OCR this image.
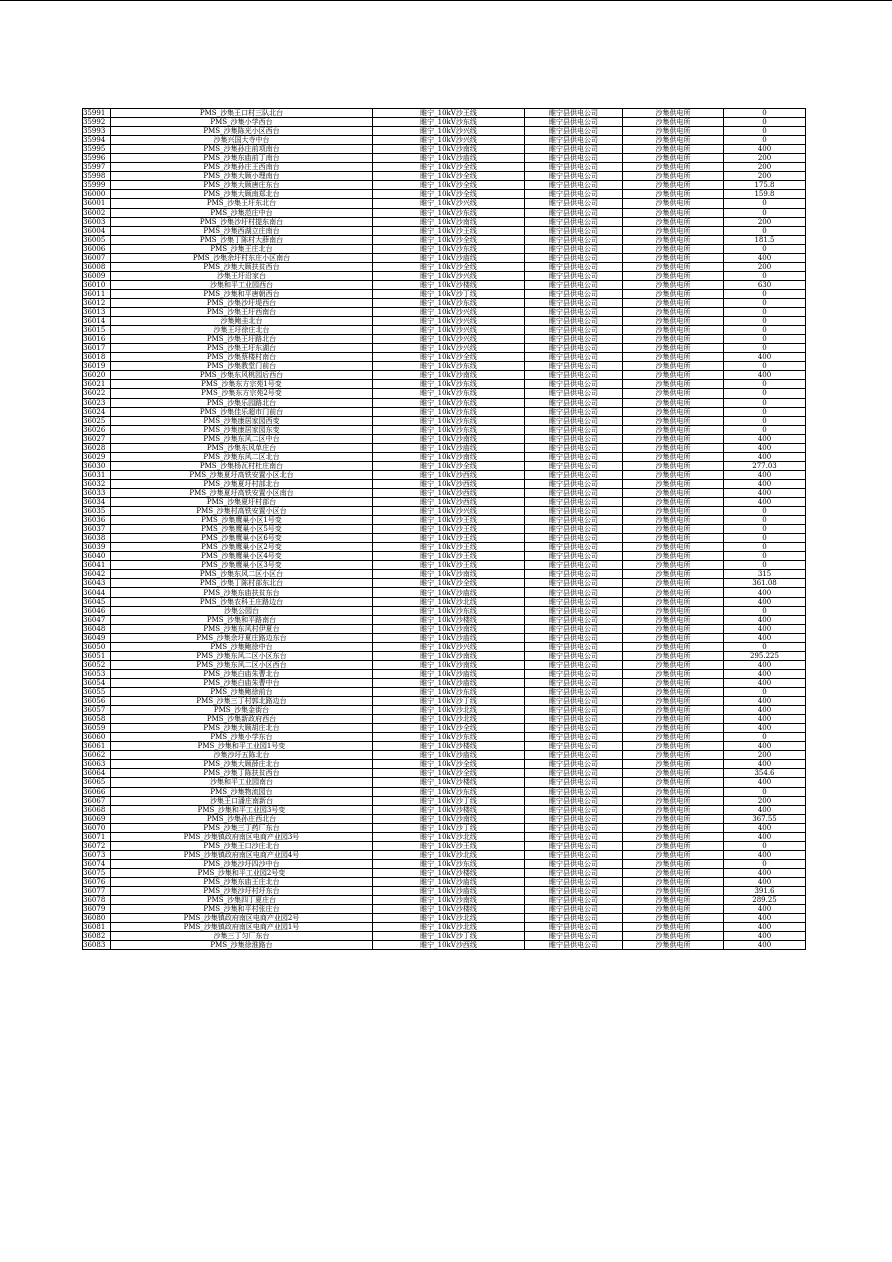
35991	PMS_沙集王口村三队北台	睢宁_10kV沙王线	睢宁县供电公司	沙集供电所	0
35992	PMS_沙集小学西台	睢宁_10kV沙东线	睢宁县供电公司	沙集供电所	0
35993	PMS_沙集陈光小区西台	睢宁_10kV沙兴线	睢宁县供电公司	沙集供电所	0
35994	沙集兴国大寺中台	睢宁_10kV沙兴线	睢宁县供电公司	沙集供电所	0
35995	PMS_沙集孙庄前项南台	睢宁_10kV沙南线	睢宁县供电公司	沙集供电所	400
35996	PMS_沙集东庙前丁南台	睢宁_10kV沙庙线	睢宁县供电公司	沙集供电所	200
35997	PMS_沙集孙庄王西南台	睢宁_10kV沙全线	睢宁县供电公司	沙集供电所	200
35998	PMS_沙集大顾小理南台	睢宁_10kV沙全线	睢宁县供电公司	沙集供电所	200
35999	PMS_沙集大顾唐庄东台	睢宁_10kV沙全线	睢宁县供电公司	沙集供电所	175.8
36000	PMS_沙集大顾南郑北台	睢宁_10kV沙全线	睢宁县供电公司	沙集供电所	159.8
36001	PMS_沙集王圩东北台	睢宁_10kV沙兴线	睢宁县供电公司	沙集供电所	0
36002	PMS_沙集范庄中台	睢宁_10kV沙东线	睢宁县供电公司	沙集供电所	0
36003	PMS_沙集沙圩村提东南台	睢宁_10kV沙南线	睢宁县供电公司	沙集供电所	200
36004	PMS_沙集西湖立庄南台	睢宁_10kV沙王线	睢宁县供电公司	沙集供电所	0
36005	PMS_沙集丁陈村大薛南台	睢宁_10kV沙全线	睢宁县供电公司	沙集供电所	181.5
36006	PMS_沙集王庄北台	睢宁_10kV沙东线	睢宁县供电公司	沙集供电所	0
36007	PMS_沙集余圩村东庄小区南台	睢宁_10kV沙庙线	睢宁县供电公司	沙集供电所	400
36008	PMS_沙集大顾扶贫西台	睢宁_10kV沙全线	睢宁县供电公司	沙集供电所	200
36009	沙集王圩沿家台	睢宁_10kV沙兴线	睢宁县供电公司	沙集供电所	0
36010	沙集和平工业园西台	睢宁_10kV沙楼线	睢宁县供电公司	沙集供电所	630
36011	PMS_沙集和平唐朝西台	睢宁_10kV沙丁线	睢宁县供电公司	沙集供电所	0
36012	PMS_沙集沙圩堤西台	睢宁_10kV沙东线	睢宁县供电公司	沙集供电所	0
36013	PMS_沙集王圩西南台	睢宁_10kV沙兴线	睢宁县供电公司	沙集供电所	0
36014	沙集鲍圭北台	睢宁_10kV沙兴线	睢宁县供电公司	沙集供电所	0
36015	沙集王圩徐庄北台	睢宁_10kV沙兴线	睢宁县供电公司	沙集供电所	0
36016	PMS_沙集王圩路北台	睢宁_10kV沙兴线	睢宁县供电公司	沙集供电所	0
36017	PMS_沙集王圩东湖台	睢宁_10kV沙兴线	睢宁县供电公司	沙集供电所	0
36018	PMS_沙集蔡楼村南台	睢宁_10kV沙全线	睢宁县供电公司	沙集供电所	400
36019	PMS_沙集教堂门前台	睢宁_10kV沙东线	睢宁县供电公司	沙集供电所	0
36020	PMS_沙集东风桃园后西台	睢宁_10kV沙南线	睢宁县供电公司	沙集供电所	400
36021	PMS_沙集东方宗苑1号变	睢宁_10kV沙东线	睢宁县供电公司	沙集供电所	0
36022	PMS_沙集东方宗苑2号变	睢宁_10kV沙东线	睢宁县供电公司	沙集供电所	0
36023	PMS_沙集乐园路北台	睢宁_10kV沙东线	睢宁县供电公司	沙集供电所	0
36024	PMS_沙集佳乐超市门前台	睢宁_10kV沙东线	睢宁县供电公司	沙集供电所	0
36025	PMS_沙集康居家园西变	睢宁_10kV沙东线	睢宁县供电公司	沙集供电所	0
36026	PMS_沙集康居家园东变	睢宁_10kV沙东线	睢宁县供电公司	沙集供电所	0
36027	PMS_沙集东风二区中台	睢宁_10kV沙南线	睢宁县供电公司	沙集供电所	400
36028	PMS_沙集东风单庄台	睢宁_10kV沙庙线	睢宁县供电公司	沙集供电所	400
36029	PMS_沙集东风二区北台	睢宁_10kV沙南线	睢宁县供电公司	沙集供电所	400
36030	PMS_沙集杨瓦村杜庄南台	睢宁_10kV沙全线	睢宁县供电公司	沙集供电所	277.03
36031	PMS_沙集夏圩高铁安置小区北台	睢宁_10kV沙西线	睢宁县供电公司	沙集供电所	400
36032	PMS_沙集夏圩村部北台	睢宁_10kV沙西线	睢宁县供电公司	沙集供电所	400
36033	PMS_沙集夏圩高铁安置小区南台	睢宁_10kV沙西线	睢宁县供电公司	沙集供电所	400
36034	PMS_沙集夏圩村部台	睢宁_10kV沙西线	睢宁县供电公司	沙集供电所	400
36035	PMS_沙集村高铁安置小区台	睢宁_10kV沙兴线	睢宁县供电公司	沙集供电所	0
36036	PMS_沙集鹰巢小区1号变	睢宁_10kV沙王线	睢宁县供电公司	沙集供电所	0
36037	PMS_沙集鹰巢小区5号变	睢宁_10kV沙王线	睢宁县供电公司	沙集供电所	0
36038	PMS_沙集鹰巢小区6号变	睢宁_10kV沙王线	睢宁县供电公司	沙集供电所	0
36039	PMS_沙集鹰巢小区2号变	睢宁_10kV沙王线	睢宁县供电公司	沙集供电所	0
36040	PMS_沙集鹰巢小区4号变	睢宁_10kV沙王线	睢宁县供电公司	沙集供电所	0
36041	PMS_沙集鹰巢小区3号变	睢宁_10kV沙王线	睢宁县供电公司	沙集供电所	0
36042	PMS_沙集东风二区小区台	睢宁_10kV沙南线	睢宁县供电公司	沙集供电所	315
36043	PMS_沙集丁陈村部东北台	睢宁_10kV沙全线	睢宁县供电公司	沙集供电所	361.08
36044	PMS_沙集东庙扶贫东台	睢宁_10kV沙庙线	睢宁县供电公司	沙集供电所	400
36045	PMS_沙集农科王庄路边台	睢宁_10kV沙北线	睢宁县供电公司	沙集供电所	400
36046	沙集公园台	睢宁_10kV沙东线	睢宁县供电公司	沙集供电所	0
36047	PMS_沙集和平路南台	睢宁_10kV沙楼线	睢宁县供电公司	沙集供电所	400
36048	PMS_沙集东风村伊夏台	睢宁_10kV沙南线	睢宁县供电公司	沙集供电所	400
36049	PMS_沙集余圩夏庄路边东台	睢宁_10kV沙庙线	睢宁县供电公司	沙集供电所	400
36050	PMS_沙集鲍徐中台	睢宁_10kV沙兴线	睢宁县供电公司	沙集供电所	0
36051	PMS_沙集东风二区小区东台	睢宁_10kV沙南线	睢宁县供电公司	沙集供电所	295.225
36052	PMS_沙集东风二区小区西台	睢宁_10kV沙南线	睢宁县供电公司	沙集供电所	400
36053	PMS_沙集白庙朱曹北台	睢宁_10kV沙庙线	睢宁县供电公司	沙集供电所	400
36054	PMS_沙集白庙朱曹中台	睢宁_10kV沙庙线	睢宁县供电公司	沙集供电所	400
36055	PMS_沙集鲍徐前台	睢宁_10kV沙东线	睢宁县供电公司	沙集供电所	0
36056	PMS_沙集三丁村郭北路边台	睢宁_10kV沙丁线	睢宁县供电公司	沙集供电所	400
36057	PMS_沙集金街台	睢宁_10kV沙北线	睢宁县供电公司	沙集供电所	400
36058	PMS_沙集新政府西台	睢宁_10kV沙北线	睢宁县供电公司	沙集供电所	400
36059	PMS_沙集大顾胡庄北台	睢宁_10kV沙全线	睢宁县供电公司	沙集供电所	400
36060	PMS_沙集小学东台	睢宁_10kV沙东线	睢宁县供电公司	沙集供电所	0
36061	PMS_沙集和平工业园1号变	睢宁_10kV沙楼线	睢宁县供电公司	沙集供电所	400
36062	沙集沙圩五陈北台	睢宁_10kV沙庙线	睢宁县供电公司	沙集供电所	200
36063	PMS_沙集大顾薛庄北台	睢宁_10kV沙全线	睢宁县供电公司	沙集供电所	400
36064	PMS_沙集丁陈扶贫西台	睢宁_10kV沙全线	睢宁县供电公司	沙集供电所	354.6
36065	沙集和平工业园南台	睢宁_10kV沙楼线	睢宁县供电公司	沙集供电所	400
36066	PMS_沙集物流园台	睢宁_10kV沙东线	睢宁县供电公司	沙集供电所	0
36067	沙集王口潘庄南新台	睢宁_10kV沙丁线	睢宁县供电公司	沙集供电所	200
36068	PMS_沙集和平工业园3号变	睢宁_10kV沙楼线	睢宁县供电公司	沙集供电所	400
36069	PMS_沙集孙庄西北台	睢宁_10kV沙南线	睢宁县供电公司	沙集供电所	367.55
36070	PMS_沙集三丁药厂东台	睢宁_10kV沙丁线	睢宁县供电公司	沙集供电所	400
36071	PMS_沙集镇政府南区电商产业园3号	睢宁_10kV沙北线	睢宁县供电公司	沙集供电所	400
36072	PMS_沙集王口沙庄北台	睢宁_10kV沙王线	睢宁县供电公司	沙集供电所	0
36073	PMS_沙集镇政府南区电商产业园4号	睢宁_10kV沙北线	睢宁县供电公司	沙集供电所	400
36074	PMS_沙集沙圩四沙中台	睢宁_10kV沙东线	睢宁县供电公司	沙集供电所	0
36075	PMS_沙集和平工业园2号变	睢宁_10kV沙楼线	睢宁县供电公司	沙集供电所	400
36076	PMS_沙集东庙王庄北台	睢宁_10kV沙庙线	睢宁县供电公司	沙集供电所	400
36077	PMS_沙集沙圩村圩东台	睢宁_10kV沙庙线	睢宁县供电公司	沙集供电所	391.6
36078	PMS_沙集四丁夏庄台	睢宁_10kV沙南线	睢宁县供电公司	沙集供电所	289.25
36079	PMS_沙集和平村张庄台	睢宁_10kV沙楼线	睢宁县供电公司	沙集供电所	400
36080	PMS_沙集镇政府南区电商产业园2号	睢宁_10kV沙北线	睢宁县供电公司	沙集供电所	400
36081	PMS_沙集镇政府南区电商产业园1号	睢宁_10kV沙北线	睢宁县供电公司	沙集供电所	400
36082	沙集三丁匀厂东台	睢宁_10kV沙丁线	睢宁县供电公司	沙集供电所	400
36083	PMS_沙集徐淮路台	睢宁_10kV沙西线	睢宁县供电公司	沙集供电所	400
